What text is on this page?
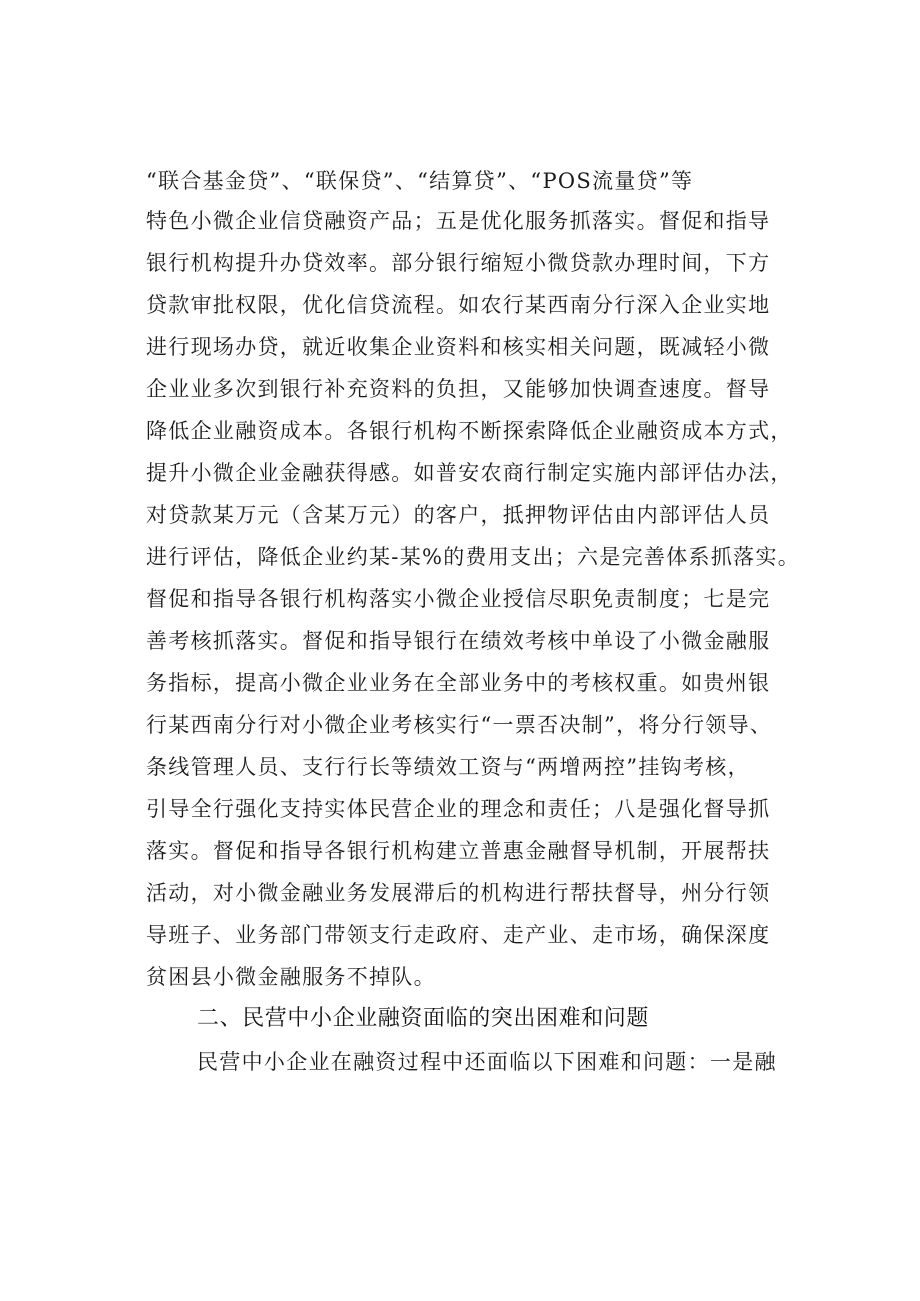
“联合基金贷”、“联保贷”、“结算贷”、“POS流量贷”等
特色小微企业信贷融资产品；五是优化服务抓落实。督促和指导
银行机构提升办贷效率。部分银行缩短小微贷款办理时间，下方
贷款审批权限，优化信贷流程。如农行某西南分行深入企业实地
进行现场办贷，就近收集企业资料和核实相关问题，既减轻小微
企业业多次到银行补充资料的负担，又能够加快调查速度。督导
降低企业融资成本。各银行机构不断探索降低企业融资成本方式，
提升小微企业金融获得感。如普安农商行制定实施内部评估办法，
对贷款某万元（含某万元）的客户，抵押物评估由内部评估人员
进行评估，降低企业约某-某%的费用支出；六是完善体系抓落实。
督促和指导各银行机构落实小微企业授信尽职免责制度；七是完
善考核抓落实。督促和指导银行在绩效考核中单设了小微金融服
务指标，提高小微企业业务在全部业务中的考核权重。如贵州银
行某西南分行对小微企业考核实行“一票否决制”，将分行领导、
条线管理人员、支行行长等绩效工资与“两增两控”挂钩考核，
引导全行强化支持实体民营企业的理念和责任；八是强化督导抓
落实。督促和指导各银行机构建立普惠金融督导机制，开展帮扶
活动，对小微金融业务发展滞后的机构进行帮扶督导，州分行领
导班子、业务部门带领支行走政府、走产业、走市场，确保深度
贫困县小微金融服务不掉队。
二、民营中小企业融资面临的突出困难和问题
民营中小企业在融资过程中还面临以下困难和问题：一是融
